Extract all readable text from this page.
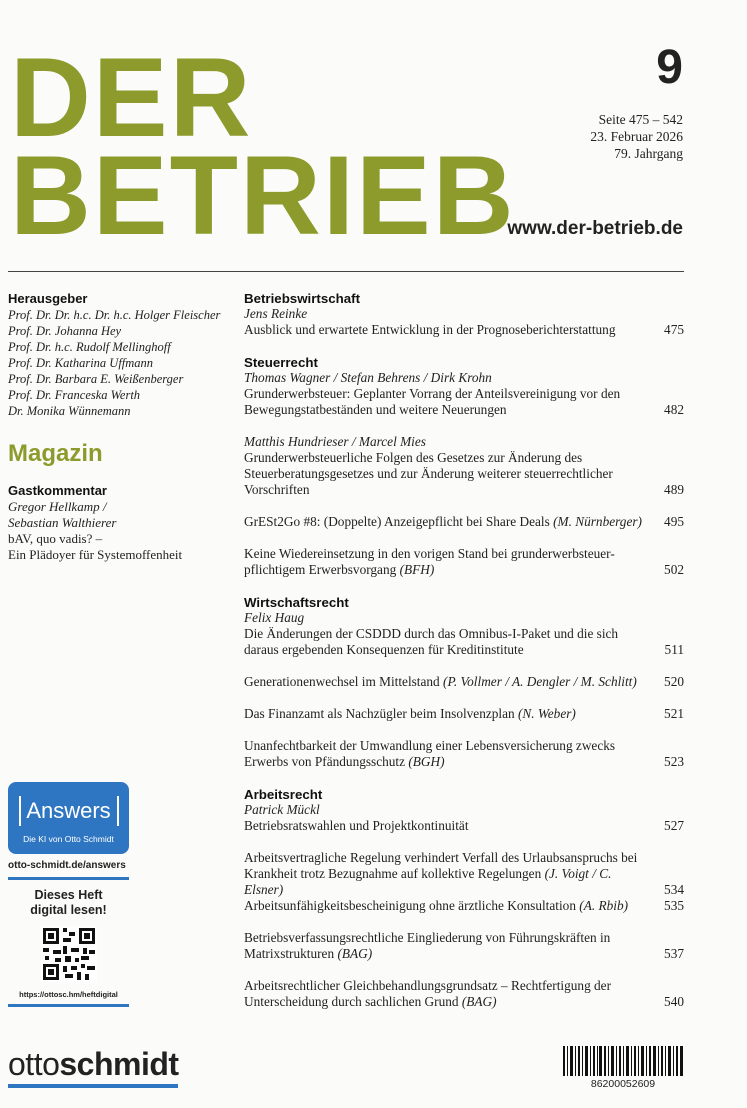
DER
BETRIEB
9
Seite 475 – 542
23. Februar 2026
79. Jahrgang
www.der-betrieb.de
Herausgeber
Prof. Dr. Dr. h.c. Dr. h.c. Holger Fleischer
Prof. Dr. Johanna Hey
Prof. Dr. h.c. Rudolf Mellinghoff
Prof. Dr. Katharina Uffmann
Prof. Dr. Barbara E. Weißenberger
Prof. Dr. Franceska Werth
Dr. Monika Wünnemann
Magazin
Gastkommentar
Gregor Hellkamp /
Sebastian Walthierer
bAV, quo vadis? –
Ein Plädoyer für Systemoffenheit
Betriebswirtschaft
Jens Reinke
Ausblick und erwartete Entwicklung in der Prognoseberichterstattung	475
Steuerrecht
Thomas Wagner / Stefan Behrens / Dirk Krohn
Grunderwerbsteuer: Geplanter Vorrang der Anteilsvereinigung vor den Bewegungstatbeständen und weitere Neuerungen	482
Matthis Hundrieser / Marcel Mies
Grunderwerbsteuerliche Folgen des Gesetzes zur Änderung des Steuerberatungsgesetzes und zur Änderung weiterer steuerrechtlicher Vorschriften	489
GrESt2Go #8: (Doppelte) Anzeigepflicht bei Share Deals (M. Nürnberger)	495
Keine Wiedereinsetzung in den vorigen Stand bei grunderwerbsteuer-pflichtigem Erwerbsvorgang (BFH)	502
Wirtschaftsrecht
Felix Haug
Die Änderungen der CSDDD durch das Omnibus-I-Paket und die sich daraus ergebenden Konsequenzen für Kreditinstitute	511
Generationenwechsel im Mittelstand (P. Vollmer / A. Dengler / M. Schlitt)	520
Das Finanzamt als Nachzügler beim Insolvenzplan (N. Weber)	521
Unanfechtbarkeit der Umwandlung einer Lebensversicherung zwecks Erwerbs von Pfändungsschutz (BGH)	523
Arbeitsrecht
Patrick Mückl
Betriebsratswahlen und Projektkontinuität	527
Arbeitsvertragliche Regelung verhindert Verfall des Urlaubsanspruchs bei Krankheit trotz Bezugnahme auf kollektive Regelungen (J. Voigt / C. Elsner)	534
Arbeitsunfähigkeitsbescheinigung ohne ärztliche Konsultation (A. Rbib)	535
Betriebsverfassungsrechtliche Eingliederung von Führungskräften in Matrixstrukturen (BAG)	537
Arbeitsrechtlicher Gleichbehandlungsgrundsatz – Rechtfertigung der Unterscheidung durch sachlichen Grund (BAG)	540
Answers
Die KI von Otto Schmidt
otto-schmidt.de/answers
Dieses Heft
digital lesen!
https://ottosc.hm/heftdigital
ottoschmidt
86200052609
